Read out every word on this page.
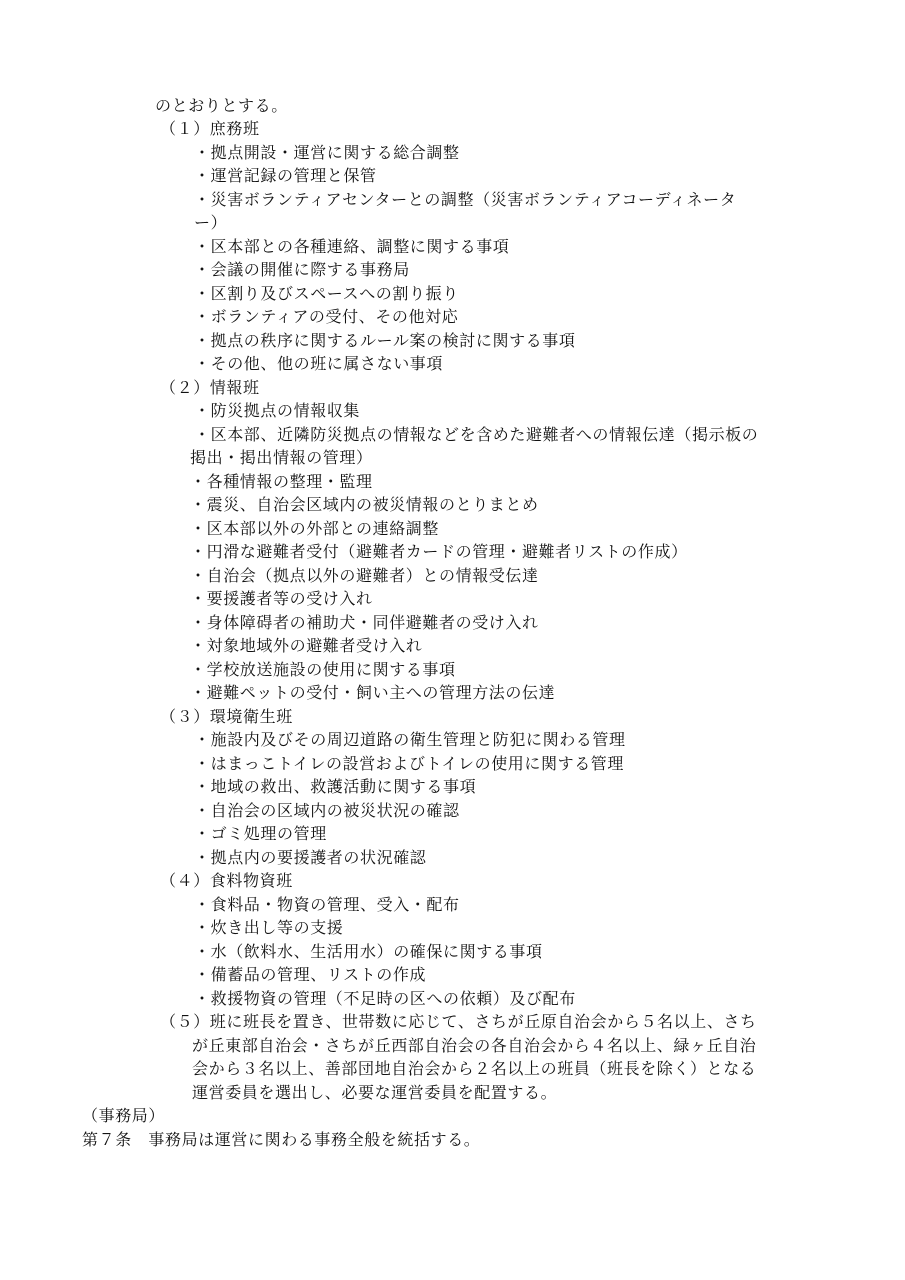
のとおりとする。
（１）庶務班
・拠点開設・運営に関する総合調整
・運営記録の管理と保管
・災害ボランティアセンターとの調整（災害ボランティアコーディネータ
ー）
・区本部との各種連絡、調整に関する事項
・会議の開催に際する事務局
・区割り及びスペースへの割り振り
・ボランティアの受付、その他対応
・拠点の秩序に関するルール案の検討に関する事項
・その他、他の班に属さない事項
（２）情報班
・防災拠点の情報収集
・区本部、近隣防災拠点の情報などを含めた避難者への情報伝達（掲示板の
掲出・掲出情報の管理）
・各種情報の整理・監理
・震災、自治会区域内の被災情報のとりまとめ
・区本部以外の外部との連絡調整
・円滑な避難者受付（避難者カードの管理・避難者リストの作成）
・自治会（拠点以外の避難者）との情報受伝達
・要援護者等の受け入れ
・身体障碍者の補助犬・同伴避難者の受け入れ
・対象地域外の避難者受け入れ
・学校放送施設の使用に関する事項
・避難ペットの受付・飼い主への管理方法の伝達
（３）環境衛生班
・施設内及びその周辺道路の衛生管理と防犯に関わる管理
・はまっこトイレの設営およびトイレの使用に関する管理
・地域の救出、救護活動に関する事項
・自治会の区域内の被災状況の確認
・ゴミ処理の管理
・拠点内の要援護者の状況確認
（４）食料物資班
・食料品・物資の管理、受入・配布
・炊き出し等の支援
・水（飲料水、生活用水）の確保に関する事項
・備蓄品の管理、リストの作成
・救援物資の管理（不足時の区への依頼）及び配布
（５）班に班長を置き、世帯数に応じて、さちが丘原自治会から５名以上、さち
が丘東部自治会・さちが丘西部自治会の各自治会から４名以上、緑ヶ丘自治
会から３名以上、善部団地自治会から２名以上の班員（班長を除く）となる
運営委員を選出し、必要な運営委員を配置する。
（事務局）
第７条　事務局は運営に関わる事務全般を統括する。
